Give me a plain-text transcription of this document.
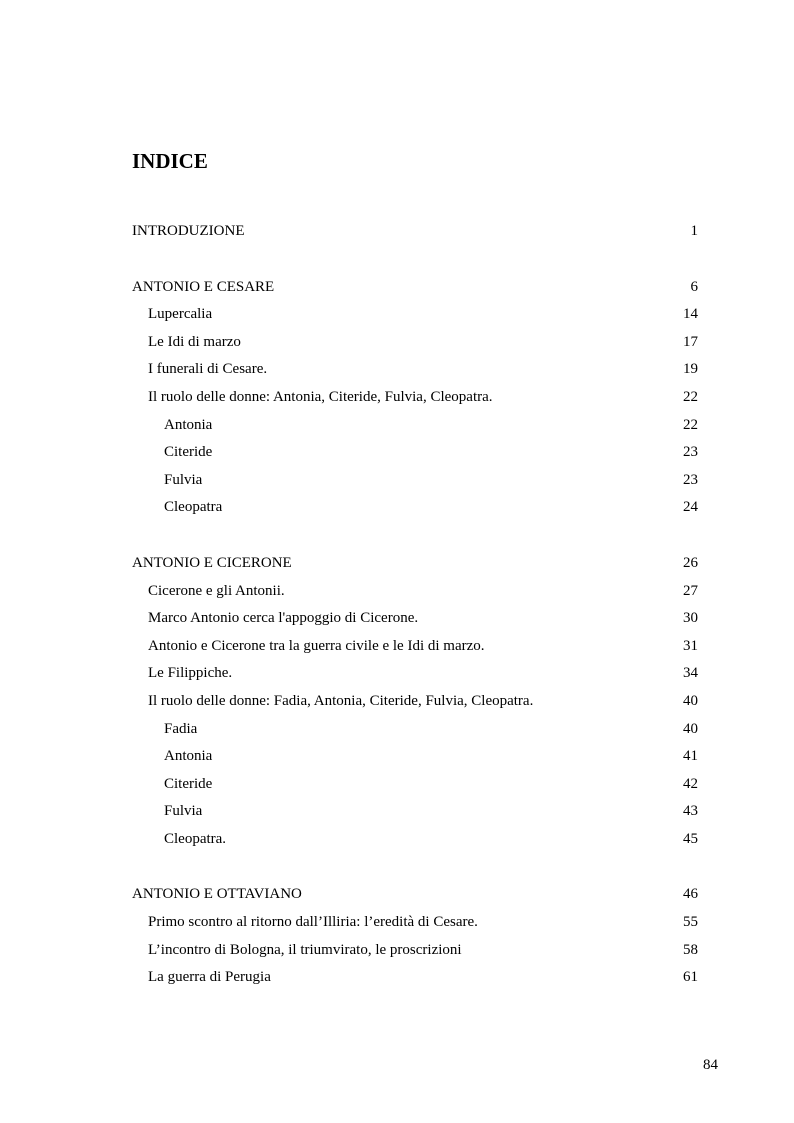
INDICE
INTRODUZIONE	1
ANTONIO E CESARE	6
Lupercalia	14
Le Idi di marzo	17
I funerali di Cesare.	19
Il ruolo delle donne: Antonia, Citeride, Fulvia, Cleopatra.	22
Antonia	22
Citeride	23
Fulvia	23
Cleopatra	24
ANTONIO E CICERONE	26
Cicerone e gli Antonii.	27
Marco Antonio cerca l'appoggio di Cicerone.	30
Antonio e Cicerone tra la guerra civile e le Idi di marzo.	31
Le Filippiche.	34
Il ruolo delle donne: Fadia, Antonia, Citeride, Fulvia, Cleopatra.	40
Fadia	40
Antonia	41
Citeride	42
Fulvia	43
Cleopatra.	45
ANTONIO E OTTAVIANO	46
Primo scontro al ritorno dall’Illiria: l’eredità di Cesare.	55
L’incontro di Bologna, il triumvirato, le proscrizioni	58
La guerra di Perugia	61
84
